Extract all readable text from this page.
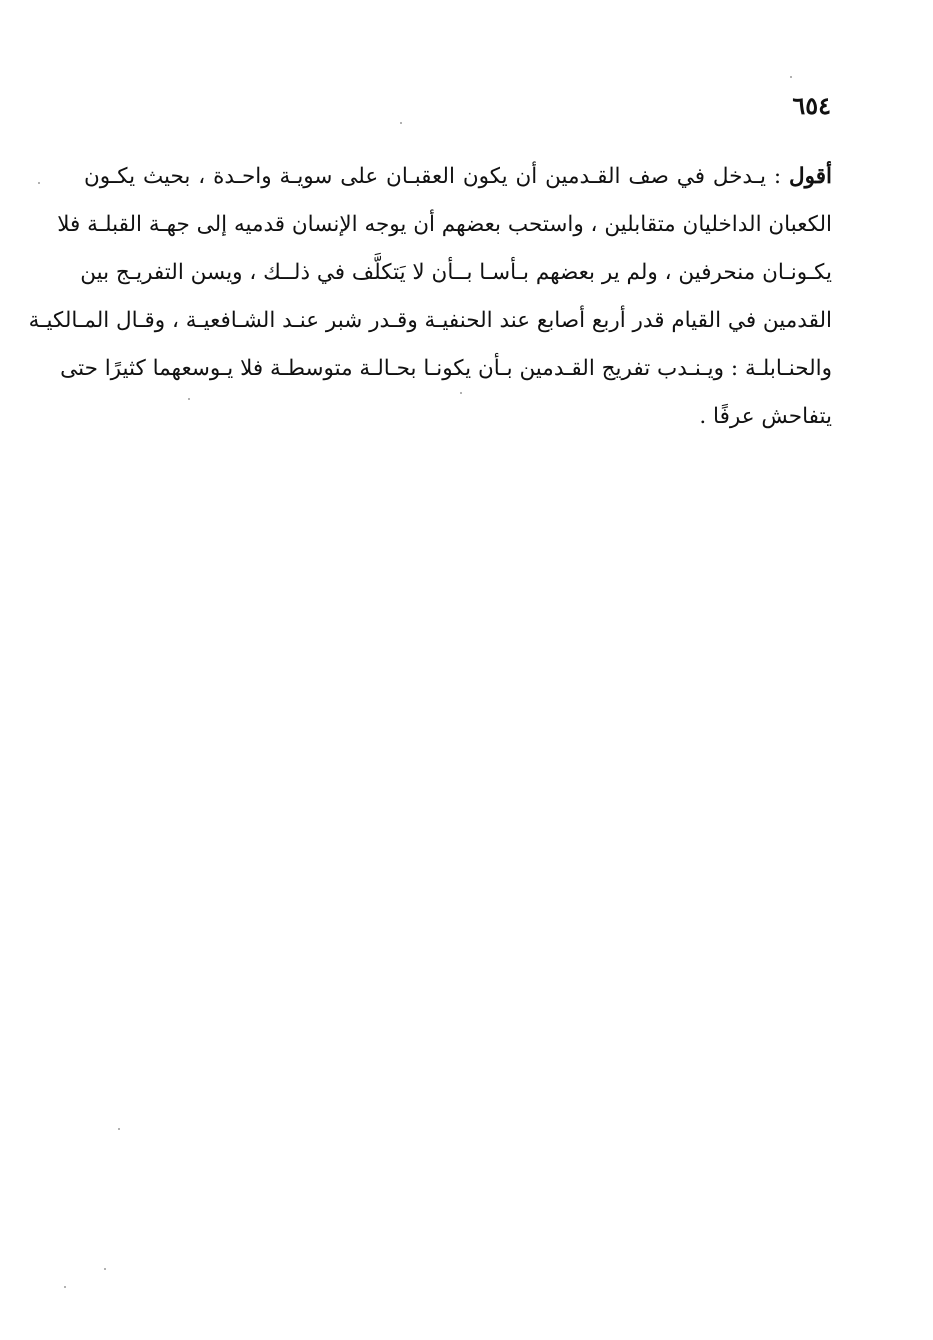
٦٥٤
أقول : يـدخل في صف القـدمين أن يكون العقبـان على سويـة واحـدة ، بحيث يكـون
الكعبان الداخليان متقابلين ، واستحب بعضهم أن يوجه الإنسان قدميه إلى جهـة القبلـة فلا
يكـونـان منحرفين ، ولم ير بعضهم بـأسـا بــأن لا يَتكلَّف في ذلــك ، ويسن التفريـج بين
القدمين في القيام قدر أربع أصابع عند الحنفيـة وقـدر شبر عنـد الشـافعيـة ، وقـال المـالكيـة
والحنـابلـة : ويـنـدب تفريج القـدمين بـأن يكونـا بحـالـة متوسطـة فلا يـوسعهما كثيرًا حتى
يتفاحش عرفًا .
